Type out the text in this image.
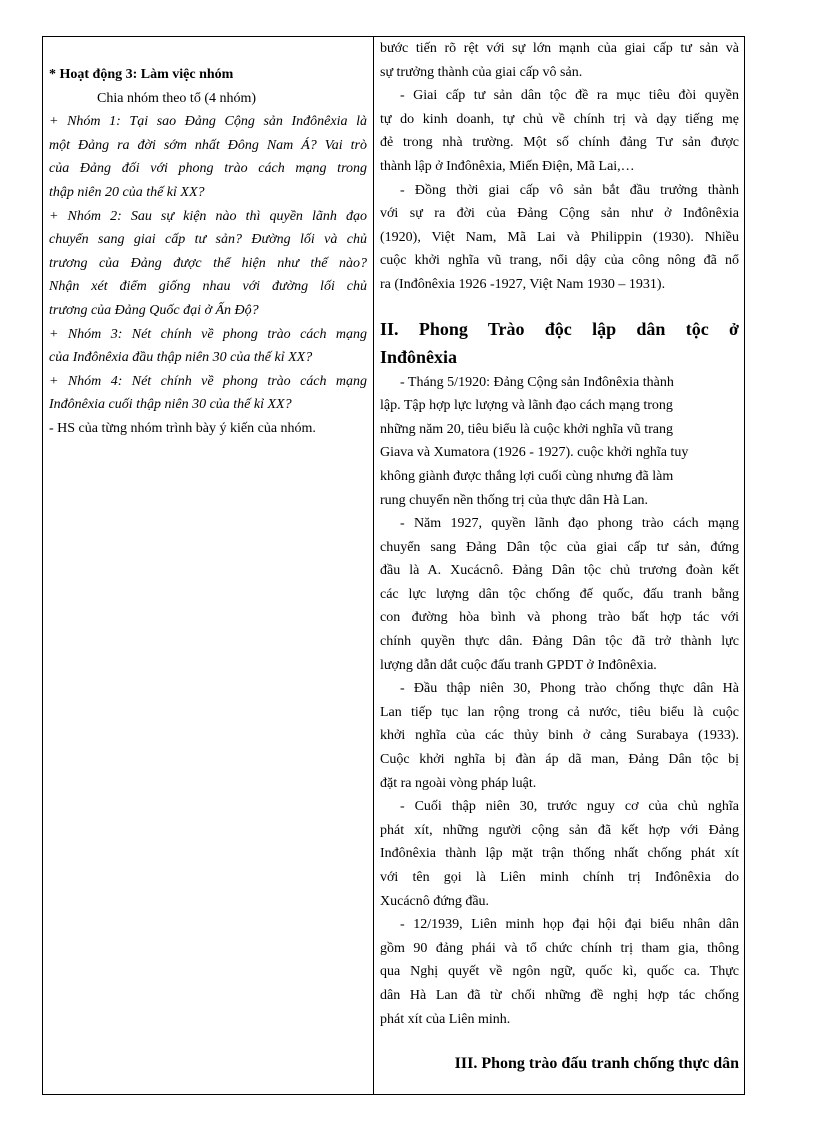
* Hoạt động 3: Làm việc nhóm

Chia nhóm theo tổ (4 nhóm)

+ Nhóm 1: Tại sao Đảng Cộng sản Inđônêxia là

một Đảng ra đời sớm nhất Đông Nam Á? Vai trò

của Đảng đối với phong trào cách mạng trong

thập niên 20 của thế kỉ XX?

+ Nhóm 2: Sau sự kiện nào thì quyền lãnh đạo

chuyển sang giai cấp tư sản? Đường lối và chủ

trương của Đảng được thể hiện như thế nào?

Nhận xét điểm giống nhau với đường lối chủ

trương của Đảng Quốc đại ở Ấn Độ?

+ Nhóm 3: Nét chính về phong trào cách mạng

của Inđônêxia đầu thập niên 30 của thế kỉ XX?

+ Nhóm 4: Nét chính về phong trào cách mạng

Inđônêxia cuối thập niên 30 của thế kỉ XX?

- HS của từng nhóm trình bày ý kiến của nhóm.

bước tiến rõ rệt với sự lớn mạnh của giai cấp tư sản và

sự trưởng thành của giai cấp vô sản.

- Giai cấp tư sản dân tộc đề ra mục tiêu đòi quyền

tự do kinh doanh, tự chủ về chính trị và dạy tiếng mẹ

đẻ trong nhà trường. Một số chính đảng Tư sản được

thành lập ở Inđônêxia, Miến Điện, Mã Lai,…

- Đồng thời giai cấp vô sản bắt đầu trưởng thành

với sự ra đời của Đảng Cộng sản như ở Inđônêxia

(1920), Việt Nam, Mã Lai và Philippin (1930). Nhiều

cuộc khởi nghĩa vũ trang, nổi dậy của công nông đã nổ

ra (Inđônêxia 1926 -1927, Việt Nam 1930 – 1931).

II. Phong Trào độc lập dân tộc ở

Inđônêxia

- Tháng 5/1920: Đảng Cộng sản Inđônêxia thành

lập. Tập hợp lực lượng và lãnh đạo cách mạng trong

những năm 20, tiêu biểu là cuộc khởi nghĩa vũ trang

Giava và Xumatora (1926 - 1927). cuộc khởi nghĩa tuy

không giành được thắng lợi cuối cùng nhưng đã làm

rung chuyển nền thống trị của thực dân Hà Lan.

- Năm 1927, quyền lãnh đạo phong trào cách mạng

chuyển sang Đảng Dân tộc của giai cấp tư sản, đứng

đầu là A. Xucácnô. Đảng Dân tộc chủ trương đoàn kết

các lực lượng dân tộc chống đế quốc, đấu tranh bằng

con đường hòa bình và phong trào bất hợp tác với

chính quyền thực dân. Đảng Dân tộc đã trở thành lực

lượng dẫn dắt cuộc đấu tranh GPDT ở Inđônêxia.

- Đầu thập niên 30, Phong trào chống thực dân Hà

Lan tiếp tục lan rộng trong cả nước, tiêu biểu là cuộc

khởi nghĩa của các thủy binh ở cảng Surabaya (1933).

Cuộc khởi nghĩa bị đàn áp dã man, Đảng Dân tộc bị

đặt ra ngoài vòng pháp luật.

- Cuối thập niên 30, trước nguy cơ của chủ nghĩa

phát xít, những người cộng sản đã kết hợp với Đảng

Inđônêxia thành lập mặt trận thống nhất chống phát xít

với tên gọi là Liên minh chính trị Inđônêxia do

Xucácnô đứng đầu.

- 12/1939, Liên minh họp đại hội đại biểu nhân dân

gồm 90 đảng phái và tổ chức chính trị tham gia, thông

qua Nghị quyết về ngôn ngữ, quốc kì, quốc ca. Thực

dân Hà Lan đã từ chối những đề nghị hợp tác chống

phát xít của Liên minh.

III. Phong trào đấu tranh chống thực dân
